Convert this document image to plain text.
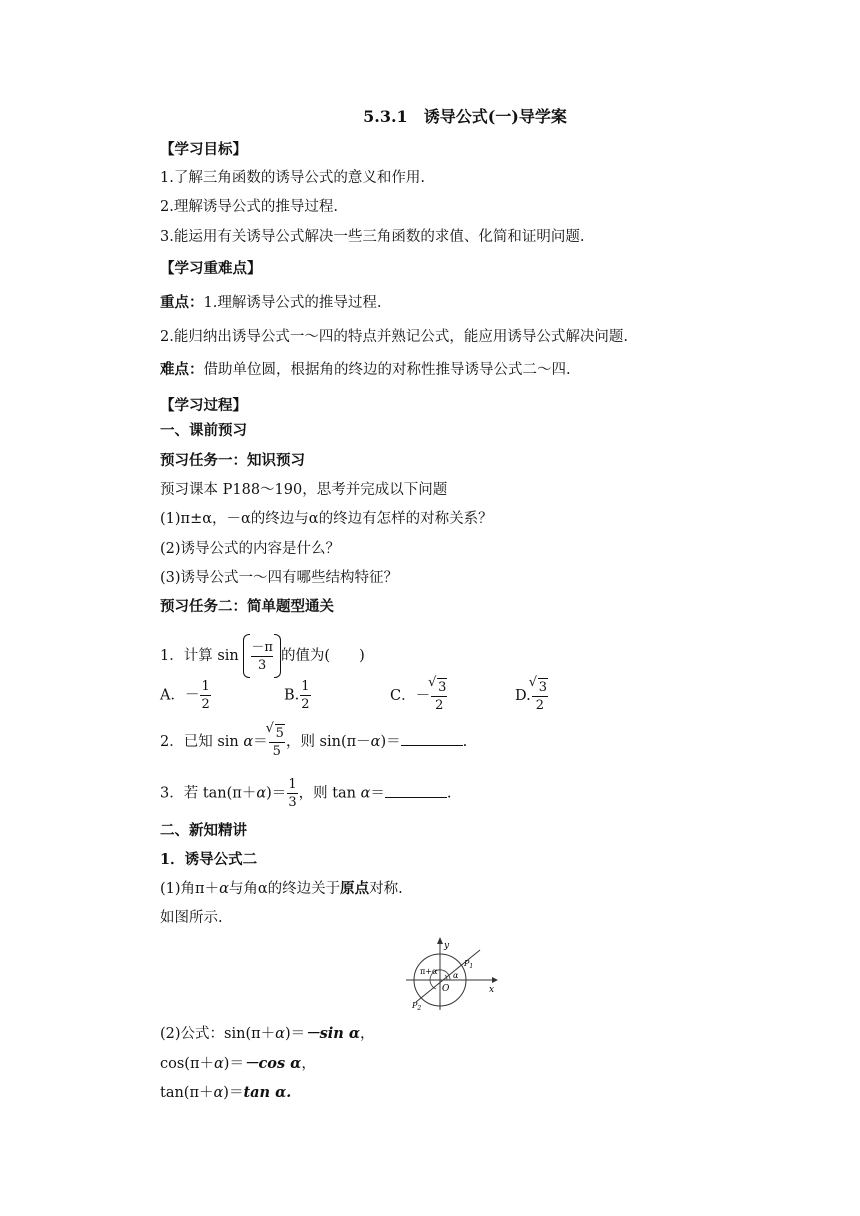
5.3.1　 诱导公式(一)导学案
【学习目标】
1.了解三角函数的诱导公式的意义和作用.
2.理解诱导公式的推导过程.
3.能运用有关诱导公式解决一些三角函数的求值、化简和证明问题.
【学习重难点】
重点：1.理解诱导公式的推导过程.
2.能归纳出诱导公式一～四的特点并熟记公式，能应用诱导公式解决问题.
难点：借助单位圆，根据角的终边的对称性推导诱导公式二～四.
【学习过程】
一、课前预习
预习任务一：知识预习
预习课本 P188～190，思考并完成以下问题
(1)π±α，－α的终边与α的终边有怎样的对称关系？
(2)诱导公式的内容是什么？
(3)诱导公式一～四有哪些结构特征？
预习任务二：简单题型通关
1．计算 $\sin \frac{-\pi}{3}$ 的值为(　　)
A．－ $\frac{1}{2}$	B. $\frac{1}{2}$	C．－ √ $\frac{3}{2}$	D. √ $\frac{3}{2}$
2．已知 sin α＝ √ $\frac{5}{5}$ ，则 sin(π－α)＝	.
3．若 $\tan(\pi+\alpha)= \frac{1}{3}$ ，则 tan α＝	.
二、新知精讲
1．诱导公式二
(1)角π＋α与角α的终边关于原点对称.
如图所示.
y
x
O
π+α α
$P_1$
$P_2$
(2)公式：sin(π＋α)＝－sin α，
cos(π＋α)＝－cos α，
tan(π＋α)＝tan α.
